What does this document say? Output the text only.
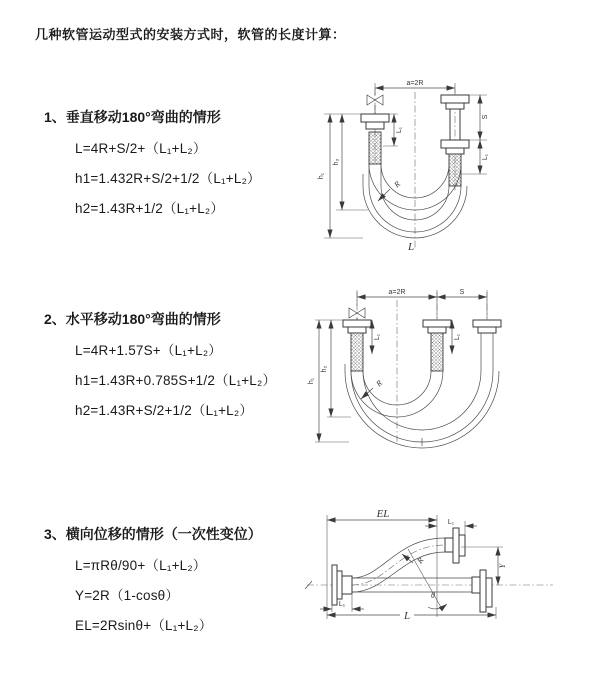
几种软管运动型式的安装方式时，软管的长度计算：
1、垂直移动180°弯曲的情形
L=4R+S/2+（L₁+L₂）
h1=1.432R+S/2+1/2（L₁+L₂）
h2=1.43R+1/2（L₁+L₂）
2、水平移动180°弯曲的情形
L=4R+1.57S+（L₁+L₂）
h1=1.43R+0.785S+1/2（L₁+L₂）
h2=1.43R+S/2+1/2（L₁+L₂）
3、横向位移的情形（一次性变位）
L=πRθ/90+（L₁+L₂）
Y=2R（1-cosθ）
EL=2Rsinθ+（L₁+L₂）
a=2R
h₁
h₂
L₁
S
L₁
R
L
a=2R	S
L₁	L₁
h₁
h₂
R
EL
L₁
Y
θ
R
L₁
L
